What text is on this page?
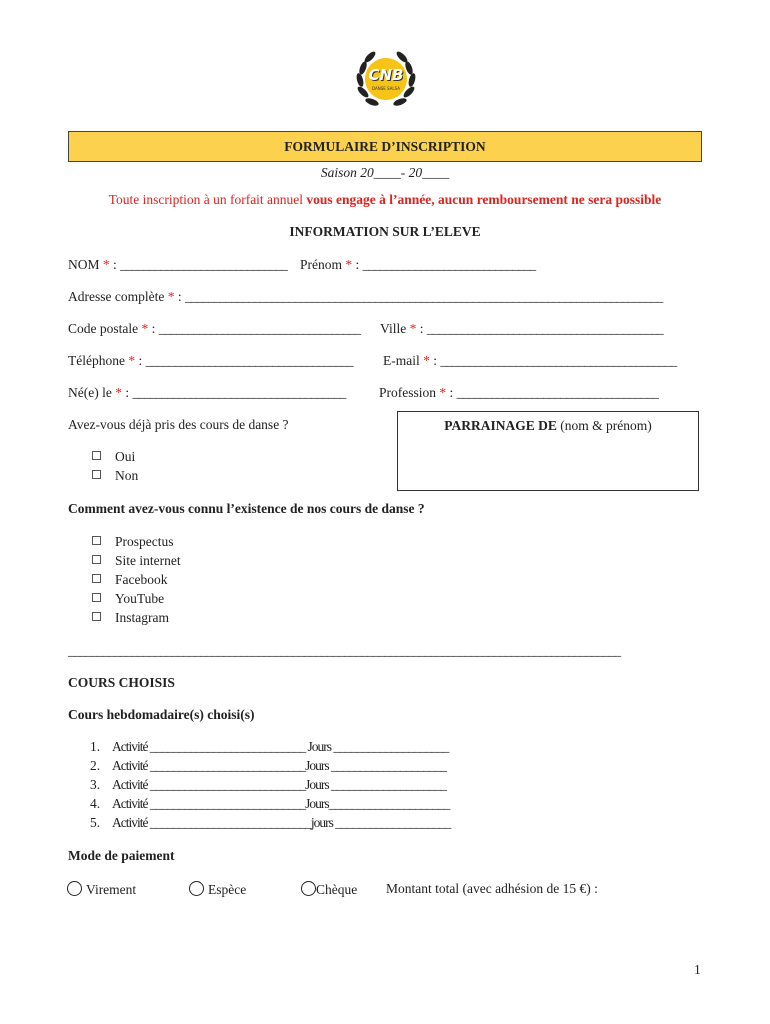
CNB
DANSE SALSA
FORMULAIRE D’INSCRIPTION
Saison 20____- 20____
Toute inscription à un forfait annuel vous engage à l’année, aucun remboursement ne sera possible
INFORMATION SUR L’ELEVE
NOM * : _____________________________ Prénom * : ______________________________
Adresse complète * : ___________________________________________________________________________________
Code postale * : ___________________________________ Ville * : _________________________________________
Téléphone * : ____________________________________ E-mail * : _________________________________________
Né(e) le * : _____________________________________	Profession * : ___________________________________
Avez-vous déjà pris des cours de danse ?
Oui
Non
PARRAINAGE DE (nom & prénom)
Comment avez-vous connu l’existence de nos cours de danse ?
Prospectus
Site internet
Facebook
YouTube
Instagram
________________________________________________________________________________________________
COURS CHOISIS
Cours hebdomadaire(s) choisi(s)
1. Activité ___________________________ Jours ____________________
2. Activité ___________________________Jours ____________________
3. Activité ___________________________Jours ____________________
4. Activité ___________________________Jours_____________________
5. Activité ____________________________jours ____________________
Mode de paiement
Virement	Espèce	Chèque Montant total (avec adhésion de 15 €) :
1
